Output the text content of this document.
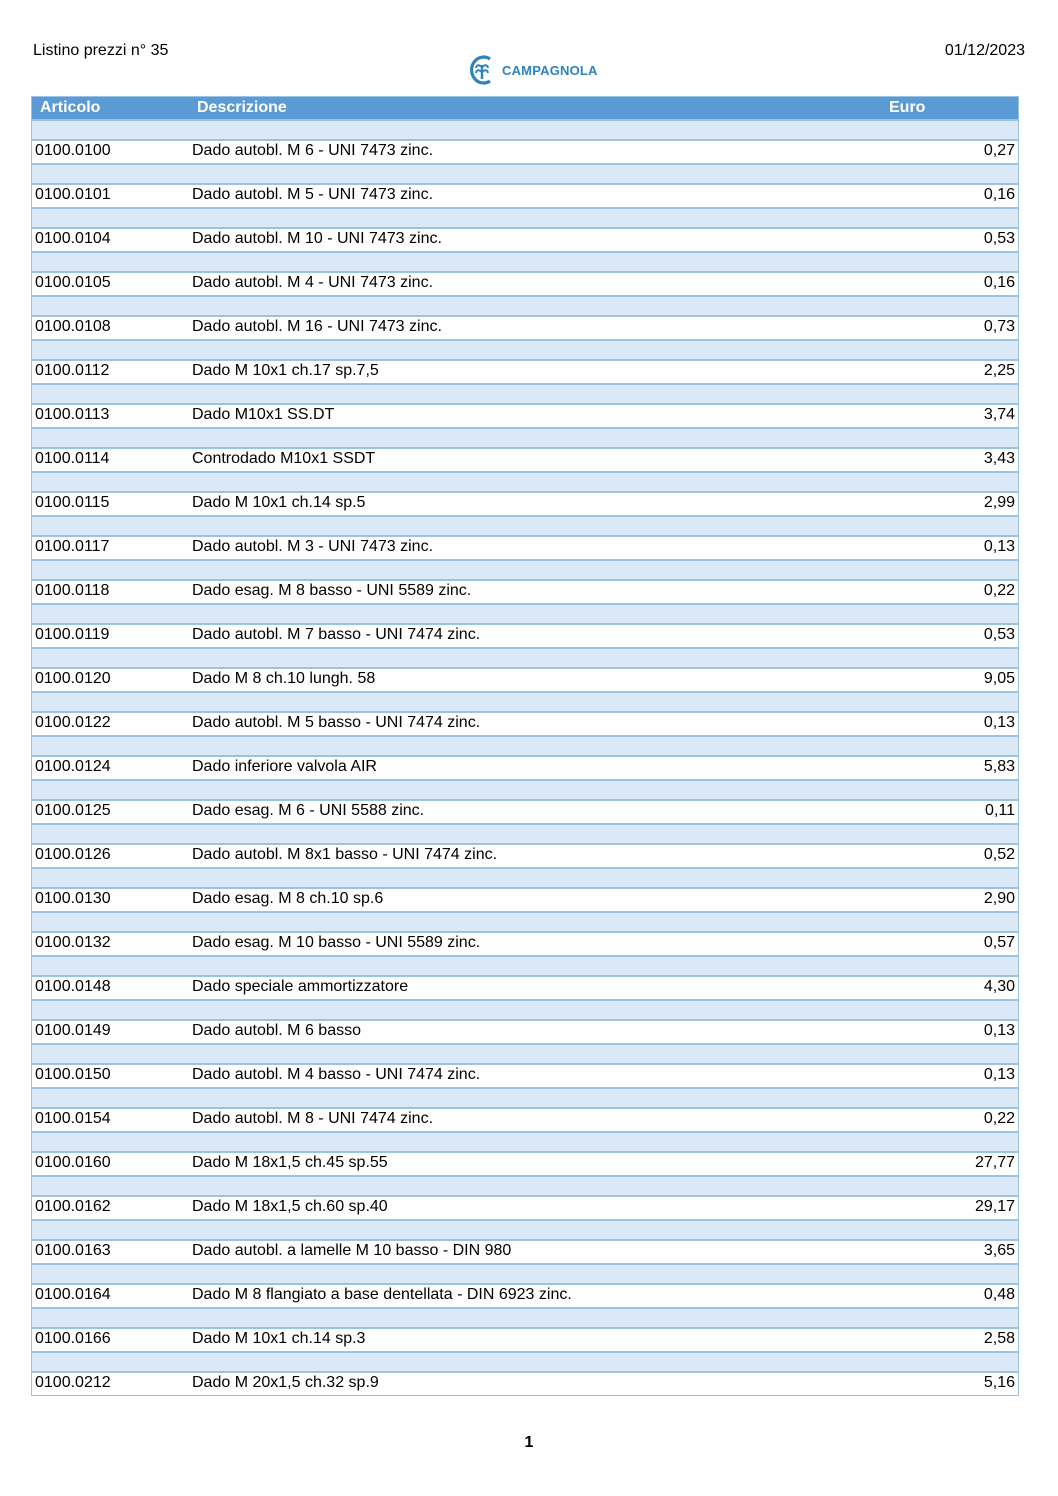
Listino prezzi n° 35	01/12/2023
CAMPAGNOLA
Articolo	Descrizione	Euro
0100.0100	Dado autobl. M 6 - UNI 7473 zinc.	0,27
0100.0101	Dado autobl. M 5 - UNI 7473 zinc.	0,16
0100.0104	Dado autobl. M 10 - UNI 7473 zinc.	0,53
0100.0105	Dado autobl. M 4 - UNI 7473 zinc.	0,16
0100.0108	Dado autobl. M 16 - UNI 7473 zinc.	0,73
0100.0112	Dado M 10x1 ch.17 sp.7,5	2,25
0100.0113	Dado M10x1 SS.DT	3,74
0100.0114	Controdado M10x1 SSDT	3,43
0100.0115	Dado M 10x1 ch.14 sp.5	2,99
0100.0117	Dado autobl. M 3 - UNI 7473 zinc.	0,13
0100.0118	Dado esag. M 8 basso - UNI 5589 zinc.	0,22
0100.0119	Dado autobl. M 7 basso - UNI 7474 zinc.	0,53
0100.0120	Dado M 8 ch.10 lungh. 58	9,05
0100.0122	Dado autobl. M 5 basso - UNI 7474 zinc.	0,13
0100.0124	Dado inferiore valvola AIR	5,83
0100.0125	Dado esag. M 6 - UNI 5588 zinc.	0,11
0100.0126	Dado autobl. M 8x1 basso - UNI 7474 zinc.	0,52
0100.0130	Dado esag. M 8 ch.10 sp.6	2,90
0100.0132	Dado esag. M 10 basso - UNI 5589 zinc.	0,57
0100.0148	Dado speciale ammortizzatore	4,30
0100.0149	Dado autobl. M 6 basso	0,13
0100.0150	Dado autobl. M 4 basso - UNI 7474 zinc.	0,13
0100.0154	Dado autobl. M 8 - UNI 7474 zinc.	0,22
0100.0160	Dado M 18x1,5 ch.45 sp.55	27,77
0100.0162	Dado M 18x1,5 ch.60 sp.40	29,17
0100.0163	Dado autobl. a lamelle M 10 basso - DIN 980	3,65
0100.0164	Dado M 8 flangiato a base dentellata - DIN 6923 zinc.	0,48
0100.0166	Dado M 10x1 ch.14 sp.3	2,58
0100.0212	Dado M 20x1,5 ch.32 sp.9	5,16
1
